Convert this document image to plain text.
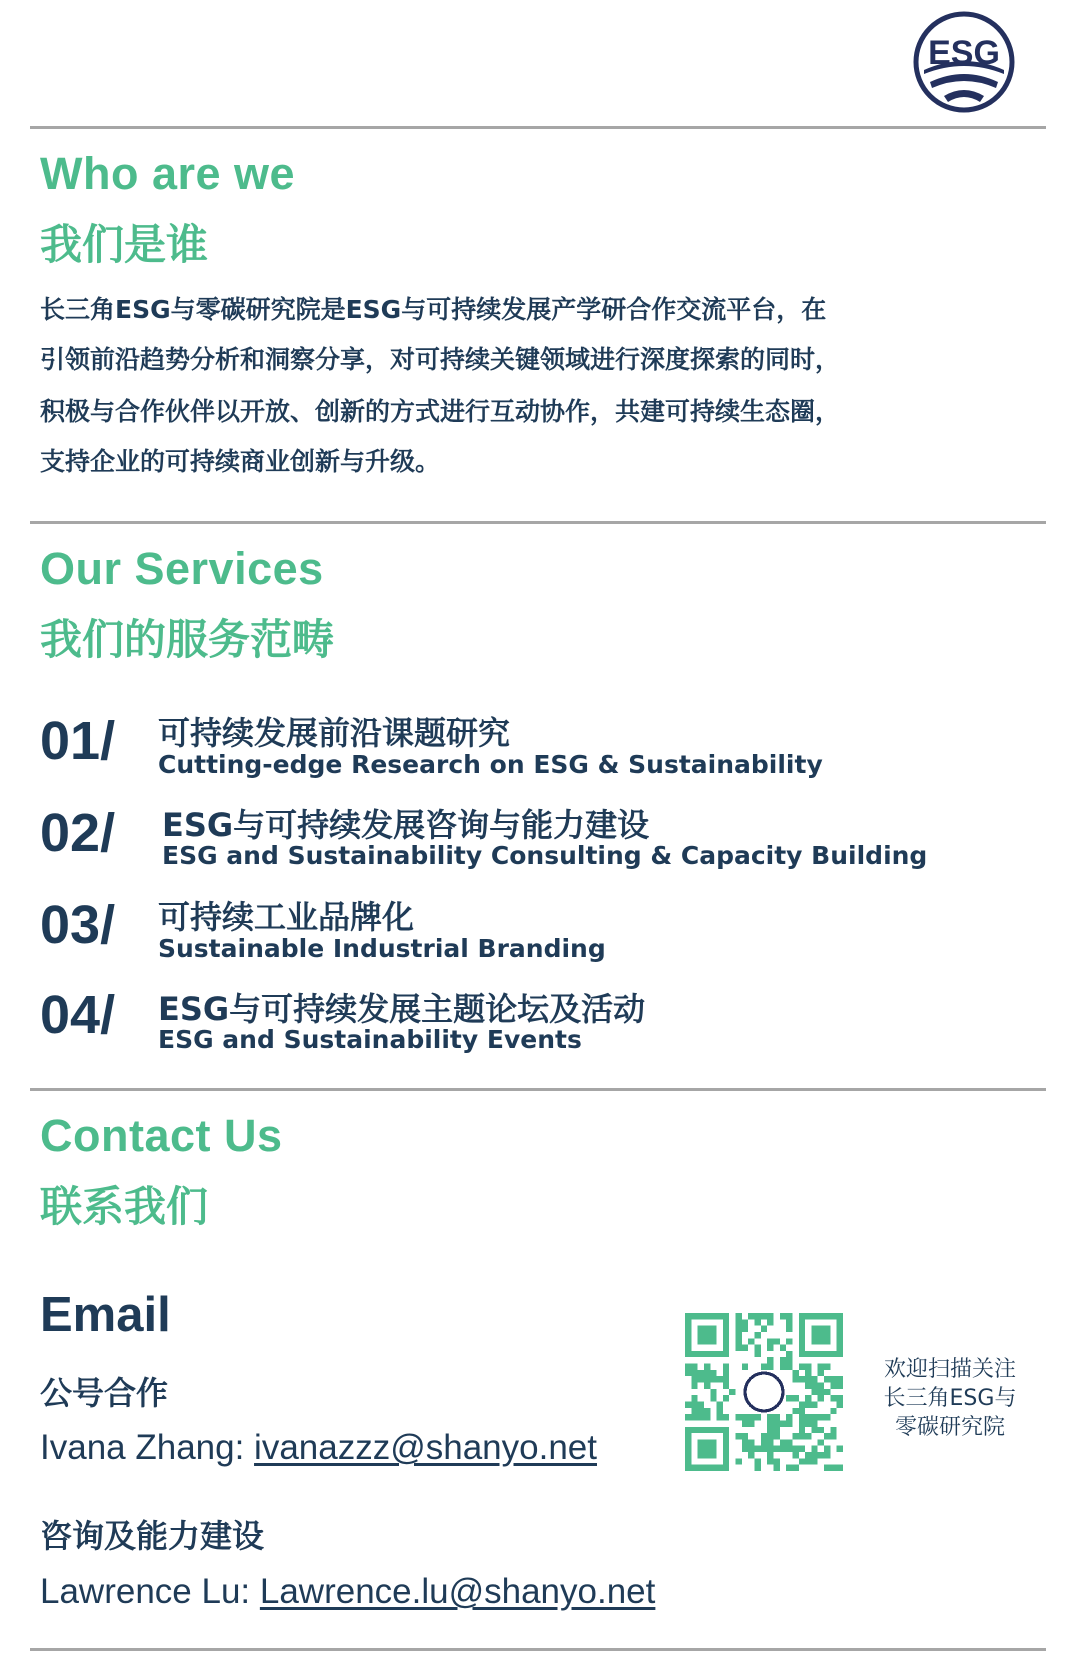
ESG
Who are we
我们是谁

长三角ESG与零碳研究院是ESG与可持续发展产学研合作交流平台，在

引领前沿趋势分析和洞察分享，对可持续关键领域进行深度探索的同时，

积极与合作伙伴以开放、创新的方式进行互动协作，共建可持续生态圈，

支持企业的可持续商业创新与升级。

Our Services
我们的服务范畴
01/ 可持续发展前沿课题研究
Cutting-edge Research on ESG & Sustainability
02/ ESG与可持续发展咨询与能力建设
ESG and Sustainability Consulting & Capacity Building
03/ 可持续工业品牌化
Sustainable Industrial Branding
04/ ESG与可持续发展主题论坛及活动
ESG and Sustainability Events
Contact Us
联系我们
Email

公号合作

Ivana Zhang: ivanazzz@shanyo.net

咨询及能力建设

Lawrence Lu: Lawrence.lu@shanyo.net

欢迎扫描关注
长三角ESG与
零碳研究院
